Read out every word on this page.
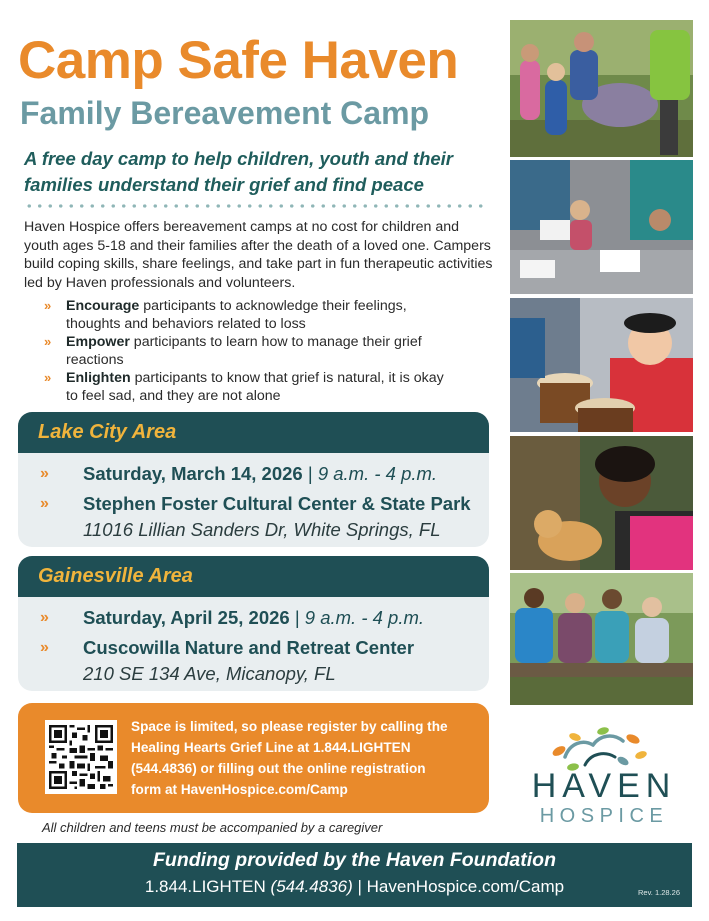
Camp Safe Haven
Family Bereavement Camp
A free day camp to help children, youth and their families understand their grief and find peace
Haven Hospice offers bereavement camps at no cost for children and youth ages 5-18 and their families after the death of a loved one. Campers build coping skills, share feelings, and take part in fun therapeutic activities led by Haven professionals and volunteers.
» Encourage participants to acknowledge their feelings, thoughts and behaviors related to loss
» Empower participants to learn how to manage their grief reactions
» Enlighten participants to know that grief is natural, it is okay to feel sad, and they are not alone
Lake City Area
» Saturday, March 14, 2026 | 9 a.m. - 4 p.m.
» Stephen Foster Cultural Center & State Park
11016 Lillian Sanders Dr, White Springs, FL
Gainesville Area
» Saturday, April 25, 2026 | 9 a.m. - 4 p.m.
» Cuscowilla Nature and Retreat Center
210 SE 134 Ave, Micanopy, FL
Space is limited, so please register by calling the
Healing Hearts Grief Line at 1.844.LIGHTEN
(544.4836) or filling out the online registration
form at HavenHospice.com/Camp
All children and teens must be accompanied by a caregiver
Funding provided by the Haven Foundation
1.844.LIGHTEN (544.4836) | HavenHospice.com/Camp	Rev. 1.28.26
HAVEN
HOSPICE
